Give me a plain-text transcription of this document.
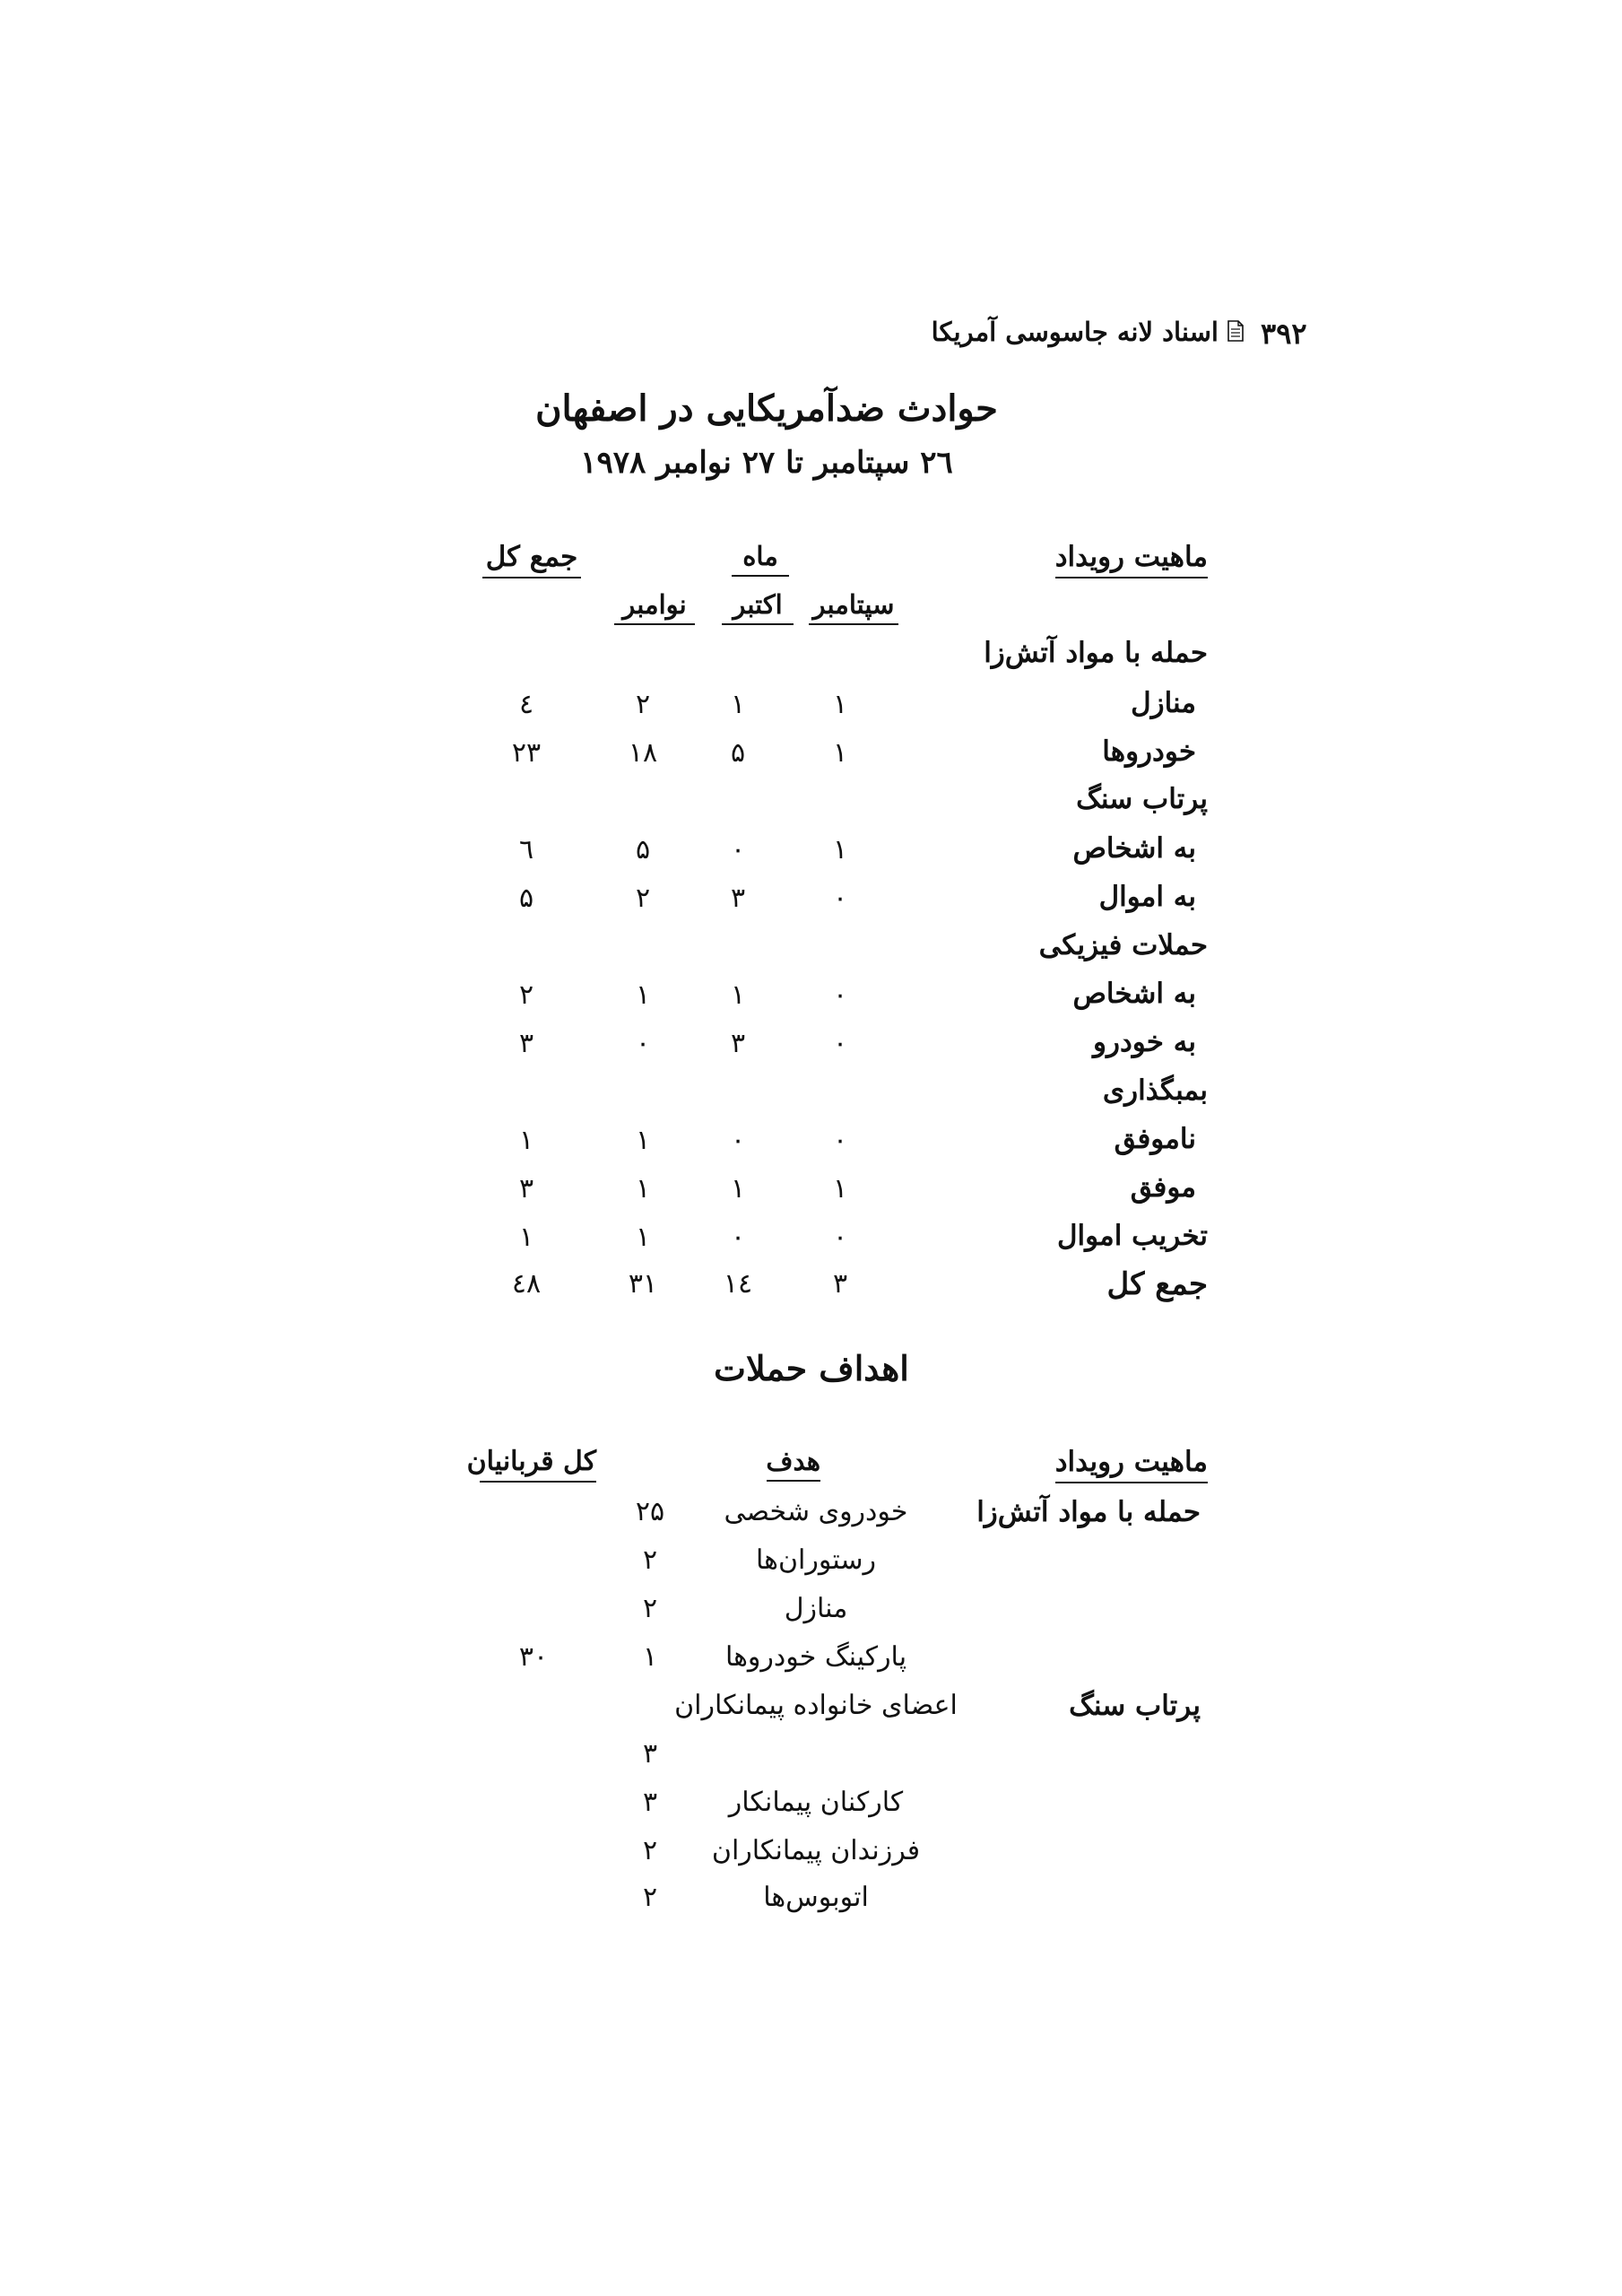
۳۹۲
اسناد لانه جاسوسی آمریکا
حوادث ضدآمریکایی در اصفهان
۲٦ سپتامبر تا ۲۷ نوامبر ۱۹۷۸
ماهیت رویداد
ماه
جمع کل
سپتامبر
اکتبر
نوامبر
حمله با مواد آتش‌زا
منازل
۱
۱
۲
٤
خودروها
۱
۵
۱۸
۲۳
پرتاب سنگ
به اشخاص
۱
۰
۵
٦
به اموال
۰
۳
۲
۵
حملات فیزیکی
به اشخاص
۰
۱
۱
۲
به خودرو
۰
۳
۰
۳
بمبگذاری
ناموفق
۰
۰
۱
۱
موفق
۱
۱
۱
۳
تخریب اموال
۰
۰
۱
۱
جمع کل
۳
١٤
۳۱
٤۸
اهداف حملات
ماهیت رویداد
هدف
کل قربانیان
حمله با مواد آتش‌زا
خودروی شخصی
۲۵
رستوران‌ها
۲
منازل
۲
پارکینگ خودروها
۱
۳۰
پرتاب سنگ
اعضای خانواده پیمانکاران
۳
کارکنان پیمانکار
۳
فرزندان پیمانکاران
۲
اتوبوس‌ها
۲
